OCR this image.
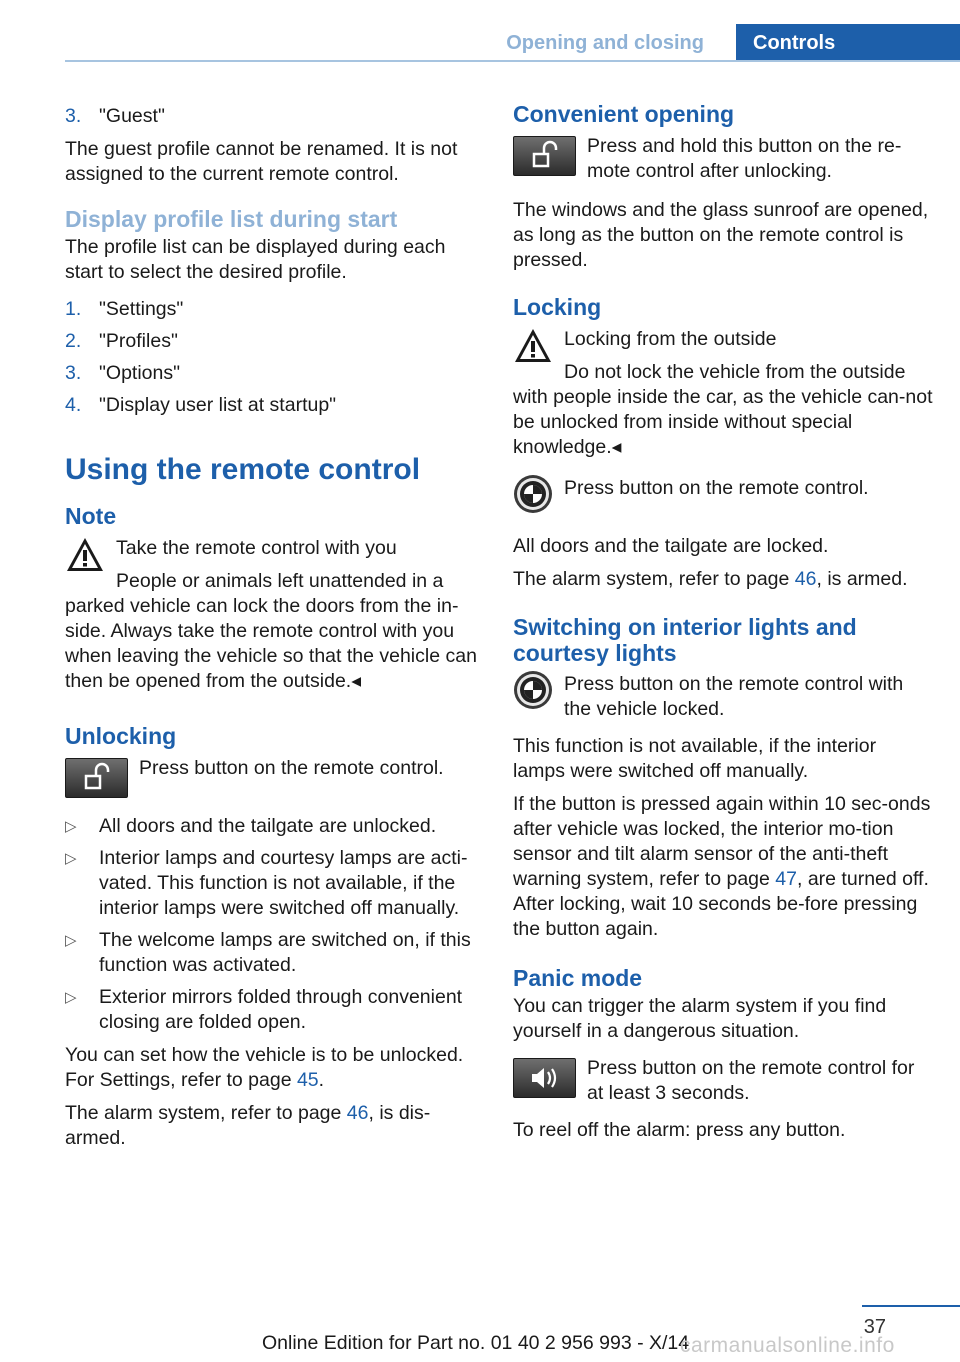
Opening and closing	Controls
3. "Guest"

The guest profile cannot be renamed. It is not assigned to the current remote control.

Display profile list during start

The profile list can be displayed during each start to select the desired profile.

1. "Settings"
2. "Profiles"
3. "Options"
4. "Display user list at startup"
Using the remote control
Note
Take the remote control with you
People or animals left unattended in a parked vehicle can lock the doors from the in-side. Always take the remote control with you when leaving the vehicle so that the vehicle can then be opened from the outside.◂
Unlocking
Press button on the remote control.
▷ All doors and the tailgate are unlocked.
▷ Interior lamps and courtesy lamps are acti-vated. This function is not available, if the interior lamps were switched off manually.
▷ The welcome lamps are switched on, if this function was activated.
▷ Exterior mirrors folded through convenient closing are folded open.

You can set how the vehicle is to be unlocked. For Settings, refer to page 45.

The alarm system, refer to page 46, is dis-armed.

Convenient opening
Press and hold this button on the re-mote control after unlocking.

The windows and the glass sunroof are opened, as long as the button on the remote control is pressed.

Locking
Locking from the outside
Do not lock the vehicle from the outside with people inside the car, as the vehicle can-not be unlocked from inside without special knowledge.◂
Press button on the remote control.

All doors and the tailgate are locked.

The alarm system, refer to page 46, is armed.

Switching on interior lights and courtesy lights
Press button on the remote control with the vehicle locked.

This function is not available, if the interior lamps were switched off manually.

If the button is pressed again within 10 sec-onds after vehicle was locked, the interior mo-tion sensor and tilt alarm sensor of the anti-theft warning system, refer to page 47, are turned off. After locking, wait 10 seconds be-fore pressing the button again.

Panic mode

You can trigger the alarm system if you find yourself in a dangerous situation.

Press button on the remote control for at least 3 seconds.

To reel off the alarm: press any button.

37
Online Edition for Part no. 01 40 2 956 993 - X/14
carmanualsonline.info
